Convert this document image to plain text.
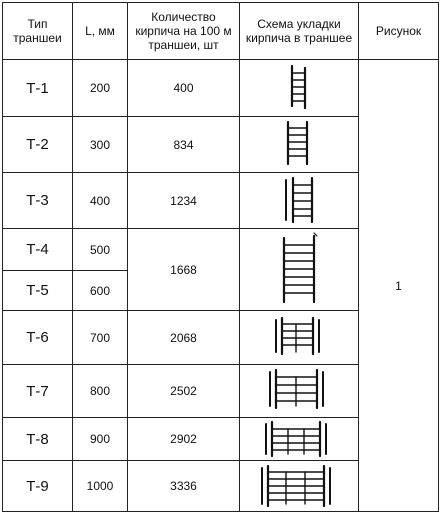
Тип траншеи	L, мм
Количество кирпича на 100 м траншеи, шт
Схема укладки кирпича в траншее	Рисунок
Т-1
Т-2
Т-3
Т-4
Т-5
Т-6
Т-7
Т-8
Т-9
200
300
400
500
600
700
800
900
1000
400
834
1234
1668
2068
2502
2902
3336
1
